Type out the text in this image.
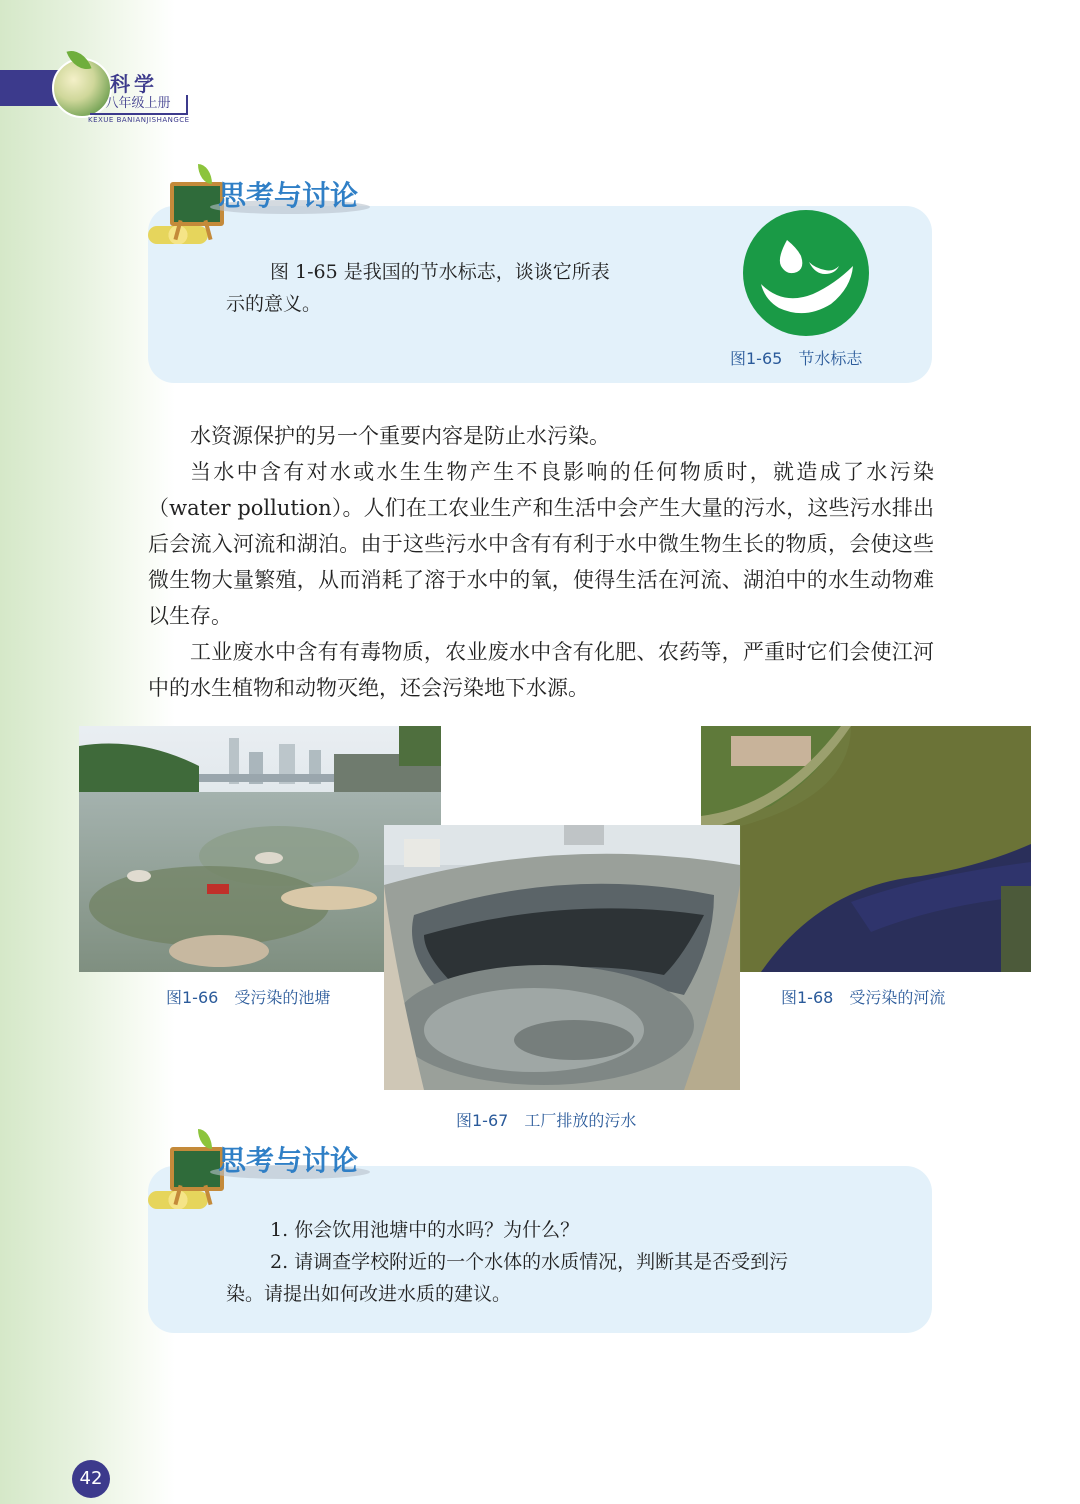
科学
八年级上册
KEXUE BANIANJISHANGCE
思考与讨论
图 1-65 是我国的节水标志，谈谈它所表
示的意义。
图1-65　节水标志

水资源保护的另一个重要内容是防止水污染。

当水中含有对水或水生生物产生不良影响的任何物质时，就造成了水污染（water pollution）。人们在工农业生产和生活中会产生大量的污水，这些污水排出后会流入河流和湖泊。由于这些污水中含有有利于水中微生物生长的物质，会使这些微生物大量繁殖，从而消耗了溶于水中的氧，使得生活在河流、湖泊中的水生动物难以生存。

工业废水中含有有毒物质，农业废水中含有化肥、农药等，严重时它们会使江河中的水生植物和动物灭绝，还会污染地下水源。

图1-66　受污染的池塘	图1-68　受污染的河流
图1-67　工厂排放的污水
思考与讨论
1. 你会饮用池塘中的水吗？为什么？
2. 请调查学校附近的一个水体的水质情况，判断其是否受到污
染。请提出如何改进水质的建议。
42
